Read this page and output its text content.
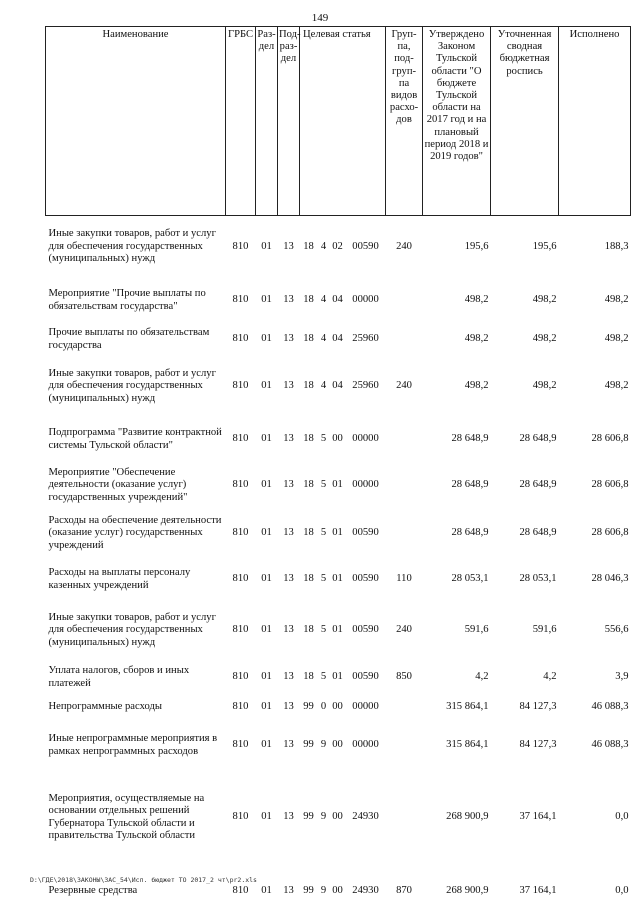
149
Наименование	ГРБС	Раз-дел	Под-раз-дел	Целевая статья				Груп-па, под-груп-па видов расхо-дов	Утверждено Законом Тульской области "О бюджете Тульской области на 2017 год и на плановый период 2018 и 2019 годов"	Уточненная сводная бюджетная роспись	Исполнено
Иные закупки товаров, работ и услуг для обеспечения государственных (муниципальных) нужд	810	01	13	18	4	02	00590	240	195,6	195,6	188,3
Мероприятие "Прочие выплаты по обязательствам государства"	810	01	13	18	4	04	00000		498,2	498,2	498,2
Прочие выплаты по обязательствам государства	810	01	13	18	4	04	25960		498,2	498,2	498,2
Иные закупки товаров, работ и услуг для обеспечения государственных (муниципальных) нужд	810	01	13	18	4	04	25960	240	498,2	498,2	498,2
Подпрограмма "Развитие контрактной системы Тульской области"	810	01	13	18	5	00	00000		28 648,9	28 648,9	28 606,8
Мероприятие "Обеспечение деятельности (оказание услуг) государственных учреждений"	810	01	13	18	5	01	00000		28 648,9	28 648,9	28 606,8
Расходы на обеспечение деятельности (оказание услуг) государственных учреждений	810	01	13	18	5	01	00590		28 648,9	28 648,9	28 606,8
Расходы на выплаты персоналу казенных учреждений	810	01	13	18	5	01	00590	110	28 053,1	28 053,1	28 046,3
Иные закупки товаров, работ и услуг для обеспечения государственных (муниципальных) нужд	810	01	13	18	5	01	00590	240	591,6	591,6	556,6
Уплата налогов, сборов и иных платежей	810	01	13	18	5	01	00590	850	4,2	4,2	3,9
Непрограммные расходы	810	01	13	99	0	00	00000		315 864,1	84 127,3	46 088,3
Иные непрограммные мероприятия в рамках непрограммных расходов	810	01	13	99	9	00	00000		315 864,1	84 127,3	46 088,3
Мероприятия, осуществляемые на основании отдельных решений Губернатора Тульской области и правительства Тульской области	810	01	13	99	9	00	24930		268 900,9	37 164,1	0,0
Резервные средства	810	01	13	99	9	00	24930	870	268 900,9	37 164,1	0,0
D:\ГДЕ\2018\ЗАКОНЫ\ЗАС_54\Исп. бюджет ТО 2017_2 чт\pr2.xls
